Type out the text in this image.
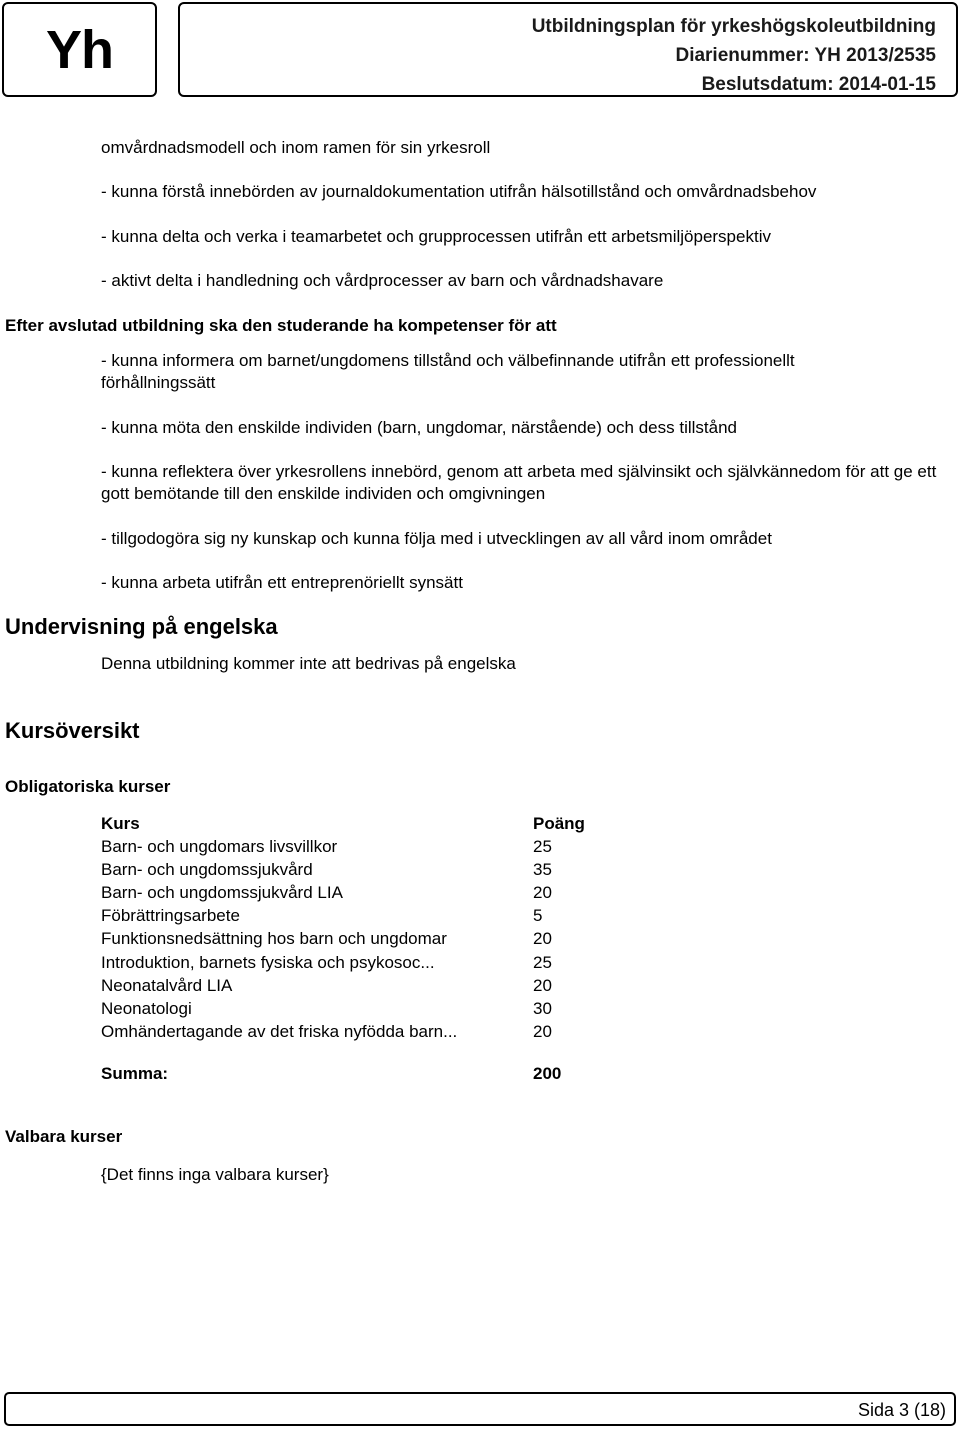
Yh	Utbildningsplan för yrkeshögskoleutbildning
Diarienummer: YH 2013/2535
Beslutsdatum: 2014-01-15
omvårdnadsmodell och inom ramen för sin yrkesroll
- kunna förstå innebörden av journaldokumentation utifrån hälsotillstånd och omvårdnadsbehov
- kunna delta och verka i teamarbetet och grupprocessen utifrån ett arbetsmiljöperspektiv
- aktivt delta i handledning och vårdprocesser av barn och vårdnadshavare
Efter avslutad utbildning ska den studerande ha kompetenser för att
- kunna informera om barnet/ungdomens tillstånd och välbefinnande utifrån ett professionellt förhållningssätt
- kunna möta den enskilde individen (barn, ungdomar, närstående) och dess tillstånd
- kunna reflektera över yrkesrollens innebörd, genom att arbeta med självinsikt och självkännedom för att ge ett gott bemötande till den enskilde individen och omgivningen
- tillgodogöra sig ny kunskap och kunna följa med i utvecklingen av all vård inom området
- kunna arbeta utifrån ett entreprenöriellt synsätt
Undervisning på engelska
Denna utbildning kommer inte att bedrivas på engelska
Kursöversikt
Obligatoriska kurser
Kurs	Poäng
Barn- och ungdomars livsvillkor	25
Barn- och ungdomssjukvård	35
Barn- och ungdomssjukvård LIA	20
Föbrättringsarbete	5
Funktionsnedsättning hos barn och ungdomar	20
Introduktion, barnets fysiska och psykosoc...	25
Neonatalvård LIA	20
Neonatologi	30
Omhändertagande av det friska nyfödda barn...	20
Summa:	200
Valbara kurser
{Det finns inga valbara kurser}
Sida 3 (18)
